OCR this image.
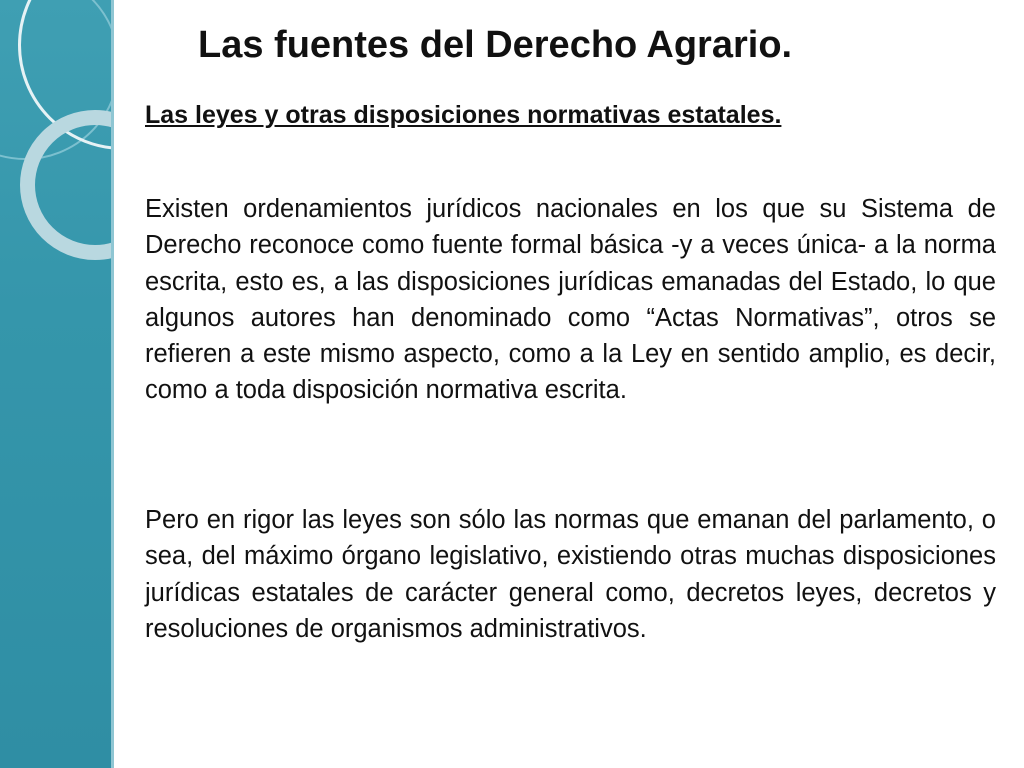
Las fuentes del Derecho Agrario.

Las leyes y otras disposiciones normativas estatales.

Existen ordenamientos jurídicos nacionales en los que su Sistema de Derecho reconoce como fuente formal básica -y a veces única- a la norma escrita, esto es, a las disposiciones jurídicas emanadas del Estado, lo que algunos autores han denominado como “Actas Normativas”, otros se refieren a este mismo aspecto, como a la Ley en sentido amplio, es decir, como a toda disposición normativa escrita.

Pero en rigor las leyes son sólo las normas que emanan del parlamento, o sea, del máximo órgano legislativo, existiendo otras muchas disposiciones jurídicas estatales de carácter general como, decretos leyes, decretos y resoluciones de organismos administrativos.
